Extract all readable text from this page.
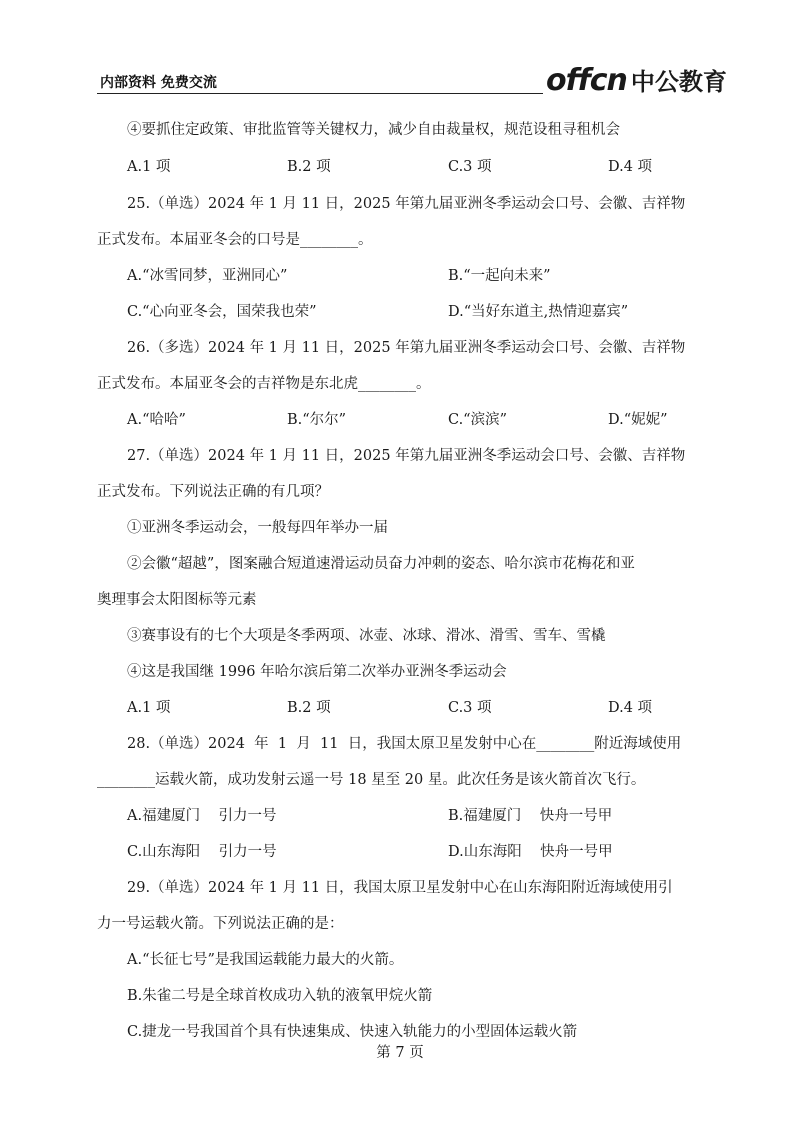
内部资料 免费交流	offcn 中公教育
④要抓住定政策、审批监管等关键权力，减少自由裁量权，规范设租寻租机会
A.1 项	B.2 项	C.3 项	D.4 项
25.（单选）2024 年 1 月 11 日，2025 年第九届亚洲冬季运动会口号、会徽、吉祥物
正式发布。本届亚冬会的口号是________。
A.“冰雪同梦，亚洲同心”	B.“一起向未来”
C.“心向亚冬会，国荣我也荣”	D.“当好东道主,热情迎嘉宾”
26.（多选）2024 年 1 月 11 日，2025 年第九届亚洲冬季运动会口号、会徽、吉祥物
正式发布。本届亚冬会的吉祥物是东北虎________。
A.“哈哈”	B.“尔尔”	C.“滨滨”	D.“妮妮”
27.（单选）2024 年 1 月 11 日，2025 年第九届亚洲冬季运动会口号、会徽、吉祥物
正式发布。下列说法正确的有几项？
①亚洲冬季运动会，一般每四年举办一届
②会徽“超越”，图案融合短道速滑运动员奋力冲刺的姿态、哈尔滨市花梅花和亚
奥理事会太阳图标等元素
③赛事设有的七个大项是冬季两项、冰壶、冰球、滑冰、滑雪、雪车、雪橇
④这是我国继 1996 年哈尔滨后第二次举办亚洲冬季运动会
A.1 项	B.2 项	C.3 项	D.4 项
28.（单选）2024  年  1  月  11  日，我国太原卫星发射中心在________附近海域使用
________运载火箭，成功发射云遥一号 18 星至 20 星。此次任务是该火箭首次飞行。
A.福建厦门    引力一号	B.福建厦门    快舟一号甲
C.山东海阳    引力一号	D.山东海阳    快舟一号甲
29.（单选）2024 年 1 月 11 日，我国太原卫星发射中心在山东海阳附近海域使用引
力一号运载火箭。下列说法正确的是：
A.“长征七号”是我国运载能力最大的火箭。
B.朱雀二号是全球首枚成功入轨的液氧甲烷火箭
C.捷龙一号我国首个具有快速集成、快速入轨能力的小型固体运载火箭
第 7 页
